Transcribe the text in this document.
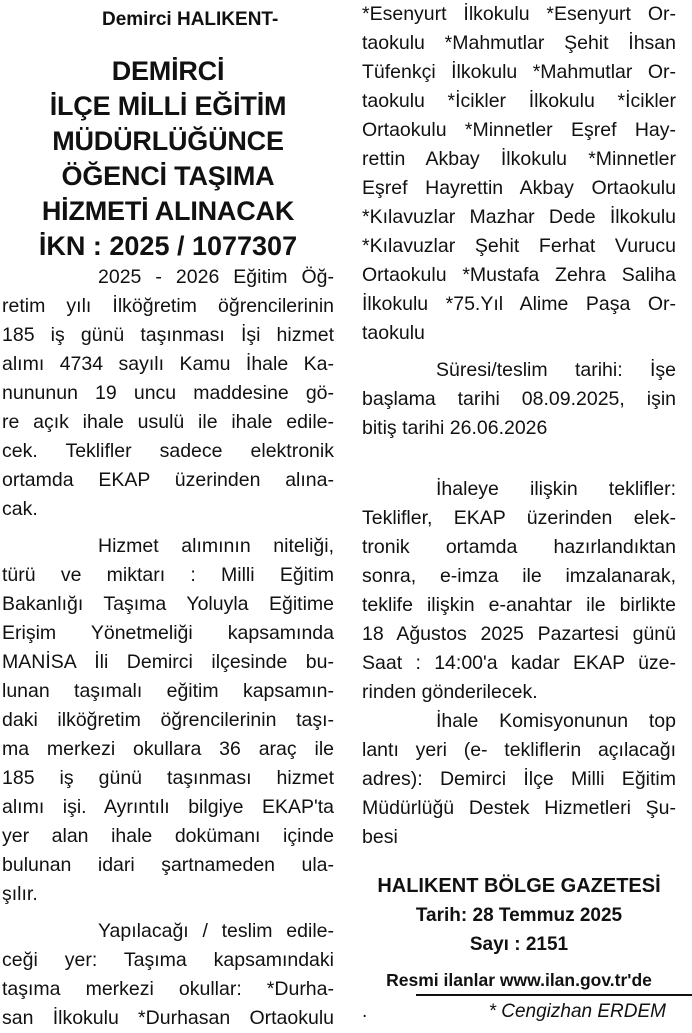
Demirci HALIKENT-
DEMİRCİ
İLÇE MİLLİ EĞİTİM
MÜDÜRLÜĞÜNCE
ÖĞENCİ TAŞIMA
HİZMETİ ALINACAK
İKN : 2025 / 1077307
2025 - 2026 Eğitim Öğ-
retim yılı İlköğretim öğrencilerinin
185 iş günü taşınması İşi hizmet
alımı 4734 sayılı Kamu İhale Ka-
nununun 19 uncu maddesine gö-
re açık ihale usulü ile ihale edile-
cek. Teklifler sadece elektronik
ortamda EKAP üzerinden alına-
cak.
Hizmet alımının niteliği,
türü ve miktarı : Milli Eğitim
Bakanlığı Taşıma Yoluyla Eğitime
Erişim Yönetmeliği kapsamında
MANİSA İli Demirci ilçesinde bu-
lunan taşımalı eğitim kapsamın-
daki ilköğretim öğrencilerinin taşı-
ma merkezi okullara 36 araç ile
185 iş günü taşınması hizmet
alımı işi. Ayrıntılı bilgiye EKAP'ta
yer alan ihale dokümanı içinde
bulunan idari şartnameden ula-
şılır.
Yapılacağı / teslim edile-
ceği yer: Taşıma kapsamındaki
taşıma merkezi okullar: *Durha-
san İlkokulu *Durhasan Ortaokulu
*Esenyurt İlkokulu *Esenyurt Or-
taokulu *Mahmutlar Şehit İhsan
Tüfenkçi İlkokulu *Mahmutlar Or-
taokulu *İcikler İlkokulu *İcikler
Ortaokulu *Minnetler Eşref Hay-
rettin Akbay İlkokulu *Minnetler
Eşref Hayrettin Akbay Ortaokulu
*Kılavuzlar Mazhar Dede İlkokulu
*Kılavuzlar Şehit Ferhat Vurucu
Ortaokulu *Mustafa Zehra Saliha
İlkokulu *75.Yıl Alime Paşa Or-
taokulu
Süresi/teslim tarihi: İşe
başlama tarihi 08.09.2025, işin
bitiş tarihi 26.06.2026
İhaleye ilişkin teklifler:
Teklifler, EKAP üzerinden elek-
tronik ortamda hazırlandıktan
sonra, e-imza ile imzalanarak,
teklife ilişkin e-anahtar ile birlikte
18 Ağustos 2025 Pazartesi günü
Saat : 14:00'a kadar EKAP üze-
rinden gönderilecek.
İhale Komisyonunun top
lantı yeri (e- tekliflerin açılacağı
adres): Demirci İlçe Milli Eğitim
Müdürlüğü Destek Hizmetleri Şu-
besi
HALIKENT BÖLGE GAZETESİ
Tarih: 28 Temmuz 2025
Sayı : 2151
Resmi ilanlar www.ilan.gov.tr'de
.	* Cengizhan ERDEM
